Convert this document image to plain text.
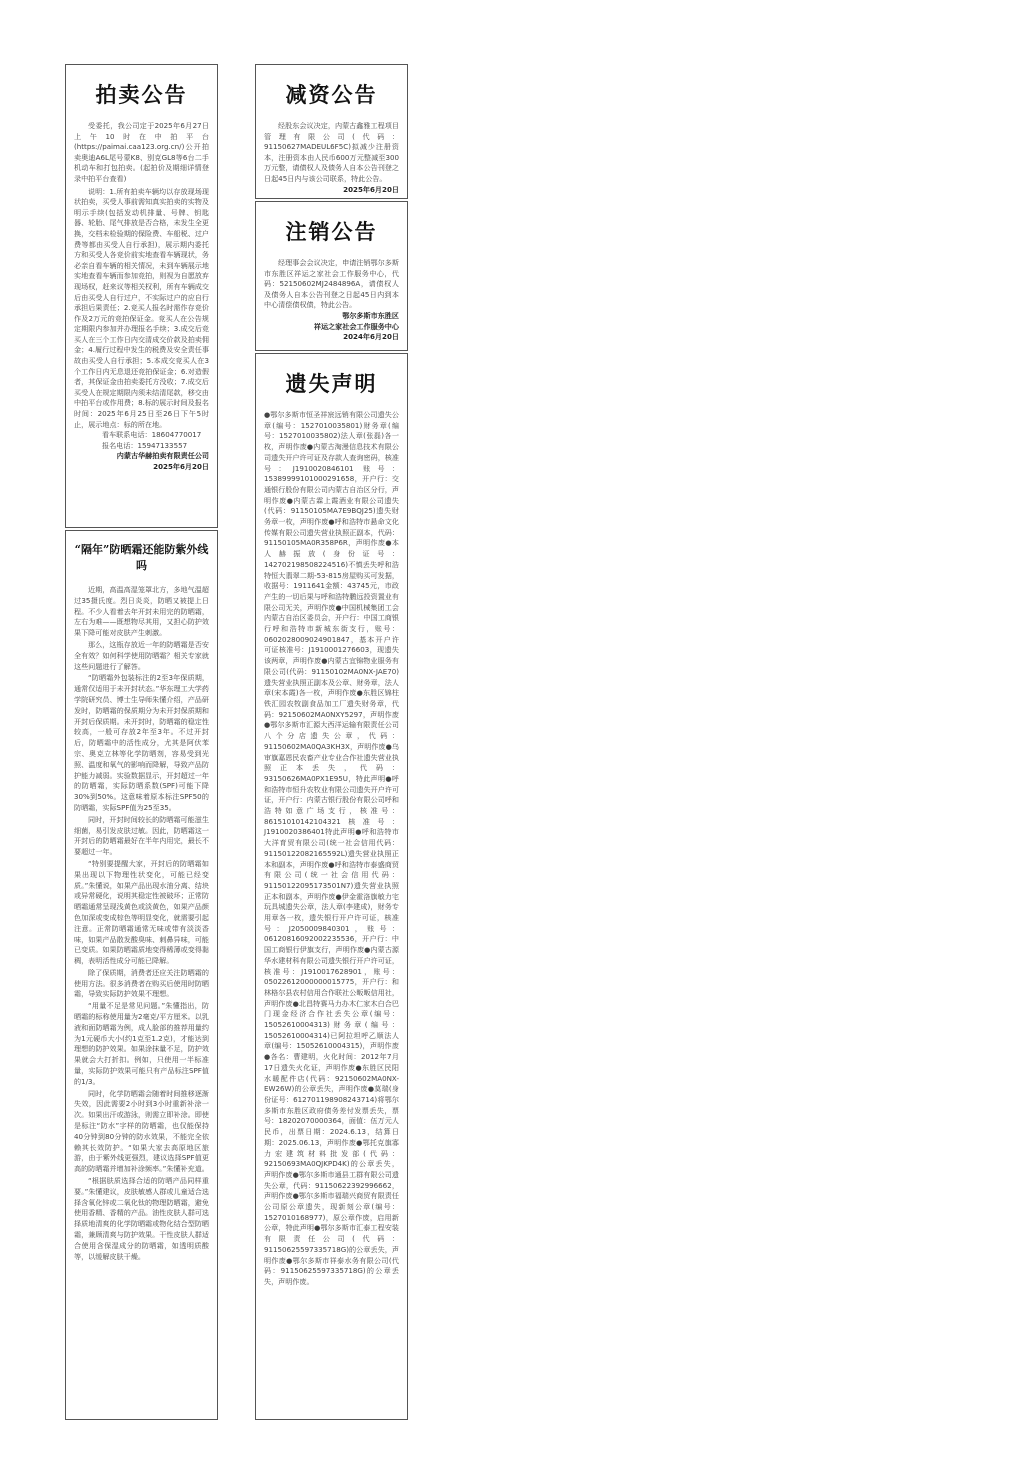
拍卖公告

受委托，我公司定于2025年6月27日上午10时在中拍平台(https://paimai.caa123.org.cn/)公开拍卖奥迪A6L尾号蒙K8、别克GL8等6台二手机动车和打包拍卖。(起拍价及期细详情登录中拍平台查看)

说明：1.所有拍卖车辆均以存放现场现状拍卖，买受人事前需知真实拍卖的实物及明示手续(包括发动机排量、号牌、钥匙器、轮胎、尾气排放是否合格，未发生全更换，交档未检验期的保险费、车船税、过户费等都由买受人自行承担)，展示期内委托方和买受人各竞价前实地查看车辆现状，务必亲自看车辆的相关情况，未到车辆展示地实地查看车辆而参加竞拍，则视为自愿放弃现场权，赶来议等相关权利，所有车辆成交后由买受人自行过户，不实际过户的应自行承担后果责任；2.竞买人报名时需作存竞价作及2万元的竞拍保证金。竞买人在公告规定期限内参加并办理报名手续；3.成交后竞买人在三个工作日内交清成交价款及拍卖佣金；4.履行过程中发生的税费及安全责任事故由买受人自行承担；5.本成交竞买人在3个工作日内无息退还竞拍保证金；6.对造假者，其保证金由拍卖委托方没收；7.成交后买受人在规定期限内须未结清尾款，移交由中拍平台或作用费；8.标的展示时间及报名时间：2025年6月25日至26日下午5时止，展示地点：标的所在地。

看车联系电话：18604770017

报名电话：15947133557

内蒙古华赫拍卖有限责任公司

2025年6月20日

“隔年”防晒霜还能防紫外线吗

近期，高温高湿笼罩北方，多地气温超过35摄氏度。烈日炎炎，防晒又被提上日程。不少人看着去年开封未用完的防晒霜，左右为难——既想物尽其用，又担心防护效果下降可能对皮肤产生刺激。

那么，这瓶存放近一年的防晒霜是否安全有效？如何科学使用防晒霜？相关专家就这些问题进行了解答。

“防晒霜外包装标注的2至3年保质期，通常仅适用于未开封状态。”华东理工大学药学院研究员、博士生导师朱懂介绍，产品研发时，防晒霜的保质期分为未开封保质期和开封后保质期。未开封时，防晒霜的稳定性较高，一般可存放2年至3年。不过开封后，防晒霜中的活性成分，尤其是阿伏苯宗、奥克立林等化学防晒剂，容易受到光照、温度和氧气的影响而降解，导致产品防护能力减弱。实验数据显示，开封超过一年的防晒霜，实际防晒系数(SPF)可能下降30%到50%。这意味着原本标注SPF50的防晒霜，实际SPF值为25至35。

同时，开封时间较长的防晒霜可能滋生细菌，易引发皮肤过敏。因此，防晒霜这一开封后的防晒霜最好在半年内用完，最长不要超过一年。

“特别要提醒大家，开封后的防晒霜如果出现以下物理性状变化，可能已经变质。”朱懂说，如果产品出现水油分离、结块或异常硬化，说明其稳定性被破坏；正常防晒霜通常呈现浅黄色或淡黄色，如果产品颜色加深或变成棕色等明显变化，就需要引起注意。正常防晒霜通常无味或带有淡淡香味，如果产品散发酸臭味、刺鼻异味，可能已变质。如果防晒霜质地变得稀薄或变得黏稠，表明活性成分可能已降解。

除了保质期，消费者还应关注防晒霜的使用方法。很多消费者在购买后使用时防晒霜，导致实际防护效果不理想。

“用量不足是常见问题。”朱懂指出，防晒霜的标称使用量为2毫克/平方厘米。以乳液和面防晒霜为例，成人脸部的推荐用量约为1元硬币大小(约1克至1.2克)，才能达到理想的防护效果。如果涂抹量不足，防护效果就会大打折扣。例如，只使用一半标准量，实际防护效果可能只有产品标注SPF值的1/3。

同时，化学防晒霜会随着时间推移逐渐失效，因此需要2小时到3小时重新补涂一次。如果出汗或游泳，则需立即补涂。即使是标注“防水”字样的防晒霜，也仅能保持40分钟到80分钟的防水效果，不能完全依赖其长效防护。“如果大家去高原地区旅游，由于紫外线更强烈，建议选择SPF值更高的防晒霜并增加补涂频率。”朱懂补充道。

“根据肤质选择合适的防晒产品同样重要。”朱懂建议，皮肤敏感人群或儿童适合选择含氧化锌或二氧化钛的物理防晒霜，避免使用香精、香精的产品。油性皮肤人群可选择质地清爽的化学防晒霜或物化结合型防晒霜，兼顾清爽与防护效果。干性皮肤人群适合使用含保湿成分的防晒霜，如透明质酸等，以缓解皮肤干燥。

减资公告

经股东会议决定，内蒙古鑫雅工程项目管理有限公司(代码：91150627MADEUL6F5C)拟减少注册资本，注册资本由人民币600万元整减至300万元整，请债权人及债务人自本公告刊登之日起45日内与该公司联系，特此公告。

2025年6月20日

注销公告

经理事会会议决定，申请注销鄂尔多斯市东胜区祥运之家社会工作服务中心，代码：52150602MJ2484896A，请债权人及债务人自本公告刊登之日起45日内到本中心清偿债权债，特此公告。

鄂尔多斯市东胜区

祥运之家社会工作服务中心

2024年6月20日

遗失声明

●鄂尔多斯市恒圣祥宸远销有限公司遗失公章(编号：1527010035801)财务章(编号：1527010035802)法人章(张磊)各一枚，声明作废●内蒙古淘漫信息技术有限公司遗失开户许可证及存款人查询密码，核准号：J1910020846101 账号：15389999101000291658，开户行：交通银行股份有限公司内蒙古自治区分行，声明作废●内蒙古霖上霞酒业有限公司遗失(代码：91150105MA7E9BQJ25)遗失财务章一枚，声明作废●呼和浩特市悬命文化传媒有限公司遗失营业执照正副本，代码：91150105MA0R358P6R，声明作废●本人赫振放(身份证号：142702198508224516)不慎丢失呼和浩特恒大翡翠二期-53-815房屋购买可发据，收据号：1911641金额：43745元，市政产生的一切后果与呼和浩特鹏远投资置业有限公司无关，声明作废●中国机械集团工会内蒙古自治区委员会，开户行：中国工商银行呼和浩特市新城东街支行，账号：0602028009024901847，基本开户许可证核准号：J1910001276603，现遗失该两章，声明作废●内蒙古宜锦物业服务有限公司(代码：91150102MA0NX-JAE70)遗失营业执照正副本及公章、财务章，法人章(宋本霞)各一枚，声明作废●东胜区锦柱铁汇园农牧副食品加工厂遗失财务章，代码：92150602MA0NXY5297，声明作废●鄂尔多斯市汇源大西洋运输有限责任公司八个分店遗失公章，代码：91150602MA0QA3KH3X，声明作废●乌审旗嘉恩民农畜产业专业合作社遗失营业执照正本丢失，代码：93150626MA0PX1E95U，特此声明●呼和浩特市恒升农牧业有限公司遗失开户许可证，开户行：内蒙古银行股份有限公司呼和浩特如意广场支行，核准号：86151010142104321核准号：J1910020386401特此声明●呼和浩特市大洋育贸有限公司(统一社会信用代码：91150122082165592L)遗失营业执照正本和副本，声明作废●呼和浩特市泰盛商贸有限公司(统一社会信用代码：91150122095173501N7)遗失营业执照正本和副本，声明作废●伊金霍洛旗敏力宅玩具城遗失公章，法人章(李建成)，财务专用章各一枚，遗失银行开户许可证，核准号：J2050009840301，账号：06120816092002235536，开户行：中国工商银行伊旗支行，声明作废●内蒙古源华水建材科有限公司遗失银行开户许可证，核准号：J1910017628901，账号：05022612000000015775，开户行：和林格尔县农村信用合作联社公畈畈信用社，声明作废●北昌特赛马力办木仁家木白合巴门现金经济合作社丢失公章(编号：15052610004313)财务章(编号：15052610004314)已阿拉坦呼乙顺法人章(编号：15052610004315)，声明作废●各名：曹建明，火化时间：2012年7月17日遗失火化证，声明作废●东胜区民阳水暖配件店(代码：92150602MA0NX-EW26W)的公章丢失，声明作废●莫瑞(身份证号：612701198908243714)将鄂尔多斯市东胜区政府债务差付发票丢失，票号：18202070000364，面值：伍万元人民币，出票日期：2024.6.13，结算日期：2025.06.13，声明作废●鄂托克旗寡力宏建筑材料批发部(代码：92150693MA0QJKPD4K)的公章丢失，声明作废●鄂尔多斯市通县工群有限公司遗失公章，代码：91150622392996662，声明作废●鄂尔多斯市福瑞兴商贸有限责任公司原公章遗失，现新刻公章(编号：1527010168977)，原公章作废，启用新公章，特此声明●鄂尔多斯市汇泰工程安装有限责任公司(代码：91150625597335718G)的公章丢失，声明作废●鄂尔多斯市祥泰水务有限公司(代码：91150625597335718G)的公章丢失，声明作废。
